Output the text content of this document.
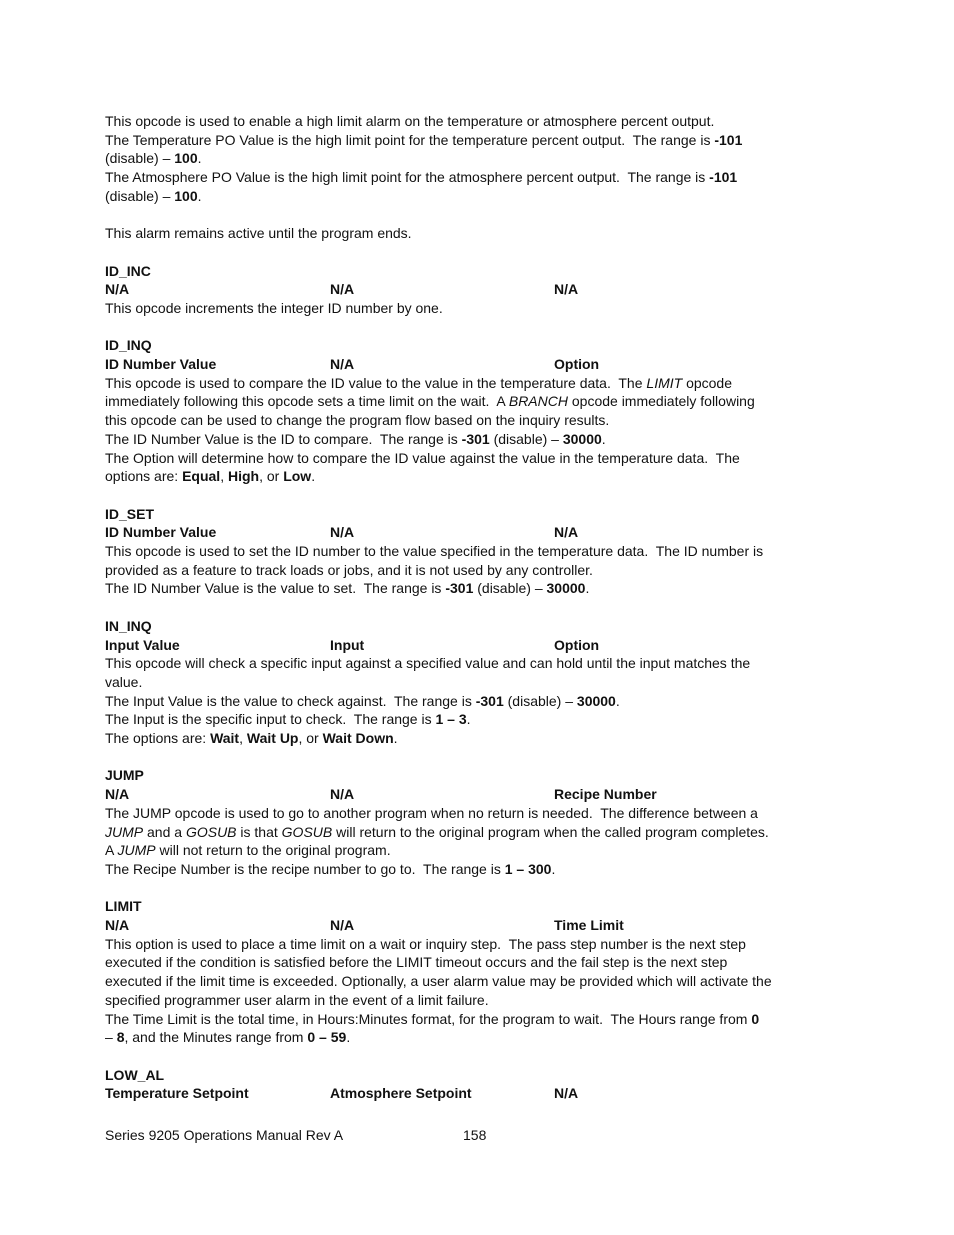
This opcode is used to enable a high limit alarm on the temperature or atmosphere percent output.

The Temperature PO Value is the high limit point for the temperature percent output.  The range is -101

(disable) – 100.

The Atmosphere PO Value is the high limit point for the atmosphere percent output.  The range is -101

(disable) – 100.

This alarm remains active until the program ends.

ID_INC

N/A	N/A	N/A

This opcode increments the integer ID number by one.

ID_INQ

ID Number Value	N/A	Option

This opcode is used to compare the ID value to the value in the temperature data.  The LIMIT opcode

immediately following this opcode sets a time limit on the wait.  A BRANCH opcode immediately following

this opcode can be used to change the program flow based on the inquiry results.

The ID Number Value is the ID to compare.  The range is -301 (disable) – 30000.

The Option will determine how to compare the ID value against the value in the temperature data.  The

options are: Equal, High, or Low.

ID_SET

ID Number Value	N/A	N/A

This opcode is used to set the ID number to the value specified in the temperature data.  The ID number is

provided as a feature to track loads or jobs, and it is not used by any controller.

The ID Number Value is the value to set.  The range is -301 (disable) – 30000.

IN_INQ

Input Value	Input	Option

This opcode will check a specific input against a specified value and can hold until the input matches the

value.

The Input Value is the value to check against.  The range is -301 (disable) – 30000.

The Input is the specific input to check.  The range is 1 – 3.

The options are: Wait, Wait Up, or Wait Down.

JUMP

N/A	N/A	Recipe Number

The JUMP opcode is used to go to another program when no return is needed.  The difference between a

JUMP and a GOSUB is that GOSUB will return to the original program when the called program completes.

A JUMP will not return to the original program.

The Recipe Number is the recipe number to go to.  The range is 1 – 300.

LIMIT

N/A	N/A	Time Limit

This option is used to place a time limit on a wait or inquiry step.  The pass step number is the next step

executed if the condition is satisfied before the LIMIT timeout occurs and the fail step is the next step

executed if the limit time is exceeded. Optionally, a user alarm value may be provided which will activate the

specified programmer user alarm in the event of a limit failure.

The Time Limit is the total time, in Hours:Minutes format, for the program to wait.  The Hours range from 0

– 8, and the Minutes range from 0 – 59.

LOW_AL

Temperature Setpoint	Atmosphere Setpoint	N/A
Series 9205 Operations Manual Rev A	158
